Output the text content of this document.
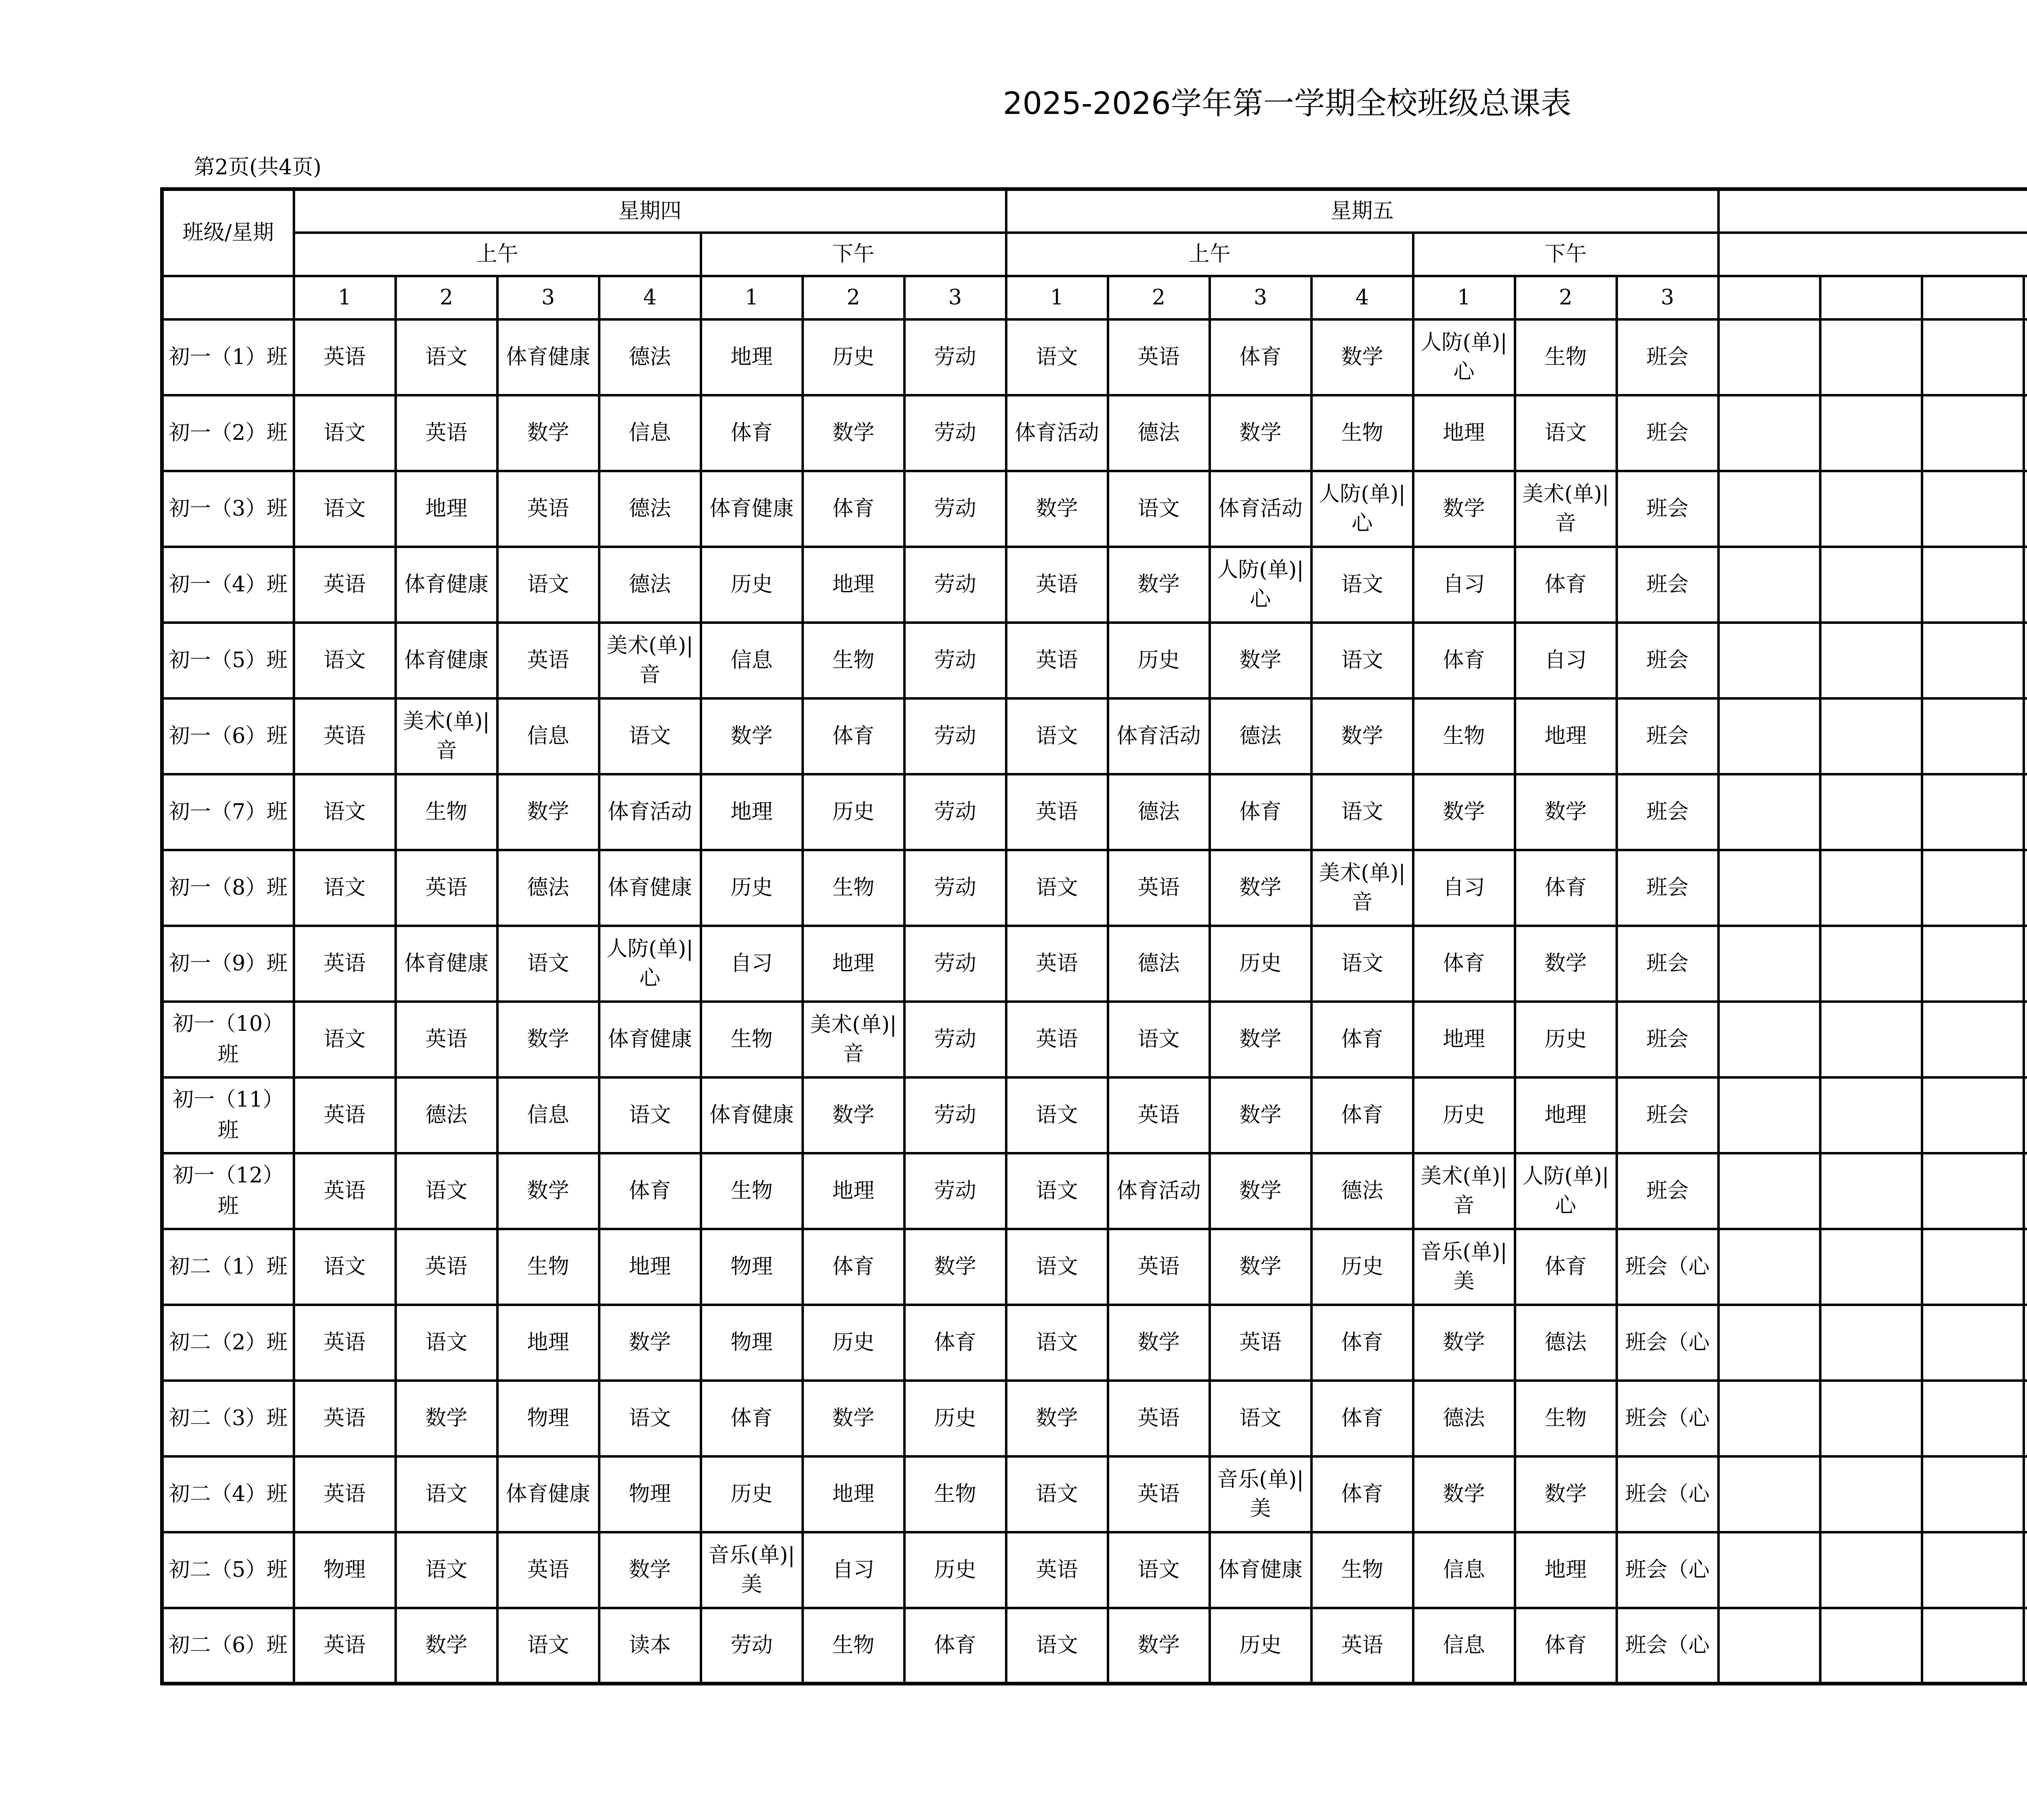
2025-2026学年第一学期全校班级总课表
第2页(共4页)
班级/星期	星期四							星期五													
	上午				下午			上午				下午									
	1	2	3	4	1	2	3	1	2	3	4	1	2	3							
初一（1）班	英语	语文	体育健康	德法	地理	历史	劳动	语文	英语	体育	数学	人防(单)|心	生物	班会							

初一（2）班	语文	英语	数学	信息	体育	数学	劳动	体育活动	德法	数学	生物	地理	语文	班会							

初一（3）班	语文	地理	英语	德法	体育健康	体育	劳动	数学	语文	体育活动	人防(单)|心	数学	美术(单)|音	班会							

初一（4）班	英语	体育健康	语文	德法	历史	地理	劳动	英语	数学	人防(单)|心	语文	自习	体育	班会							

初一（5）班	语文	体育健康	英语	美术(单)|音	信息	生物	劳动	英语	历史	数学	语文	体育	自习	班会							

初一（6）班	英语	美术(单)|音	信息	语文	数学	体育	劳动	语文	体育活动	德法	数学	生物	地理	班会							

初一（7）班	语文	生物	数学	体育活动	地理	历史	劳动	英语	德法	体育	语文	数学	数学	班会							

初一（8）班	语文	英语	德法	体育健康	历史	生物	劳动	语文	英语	数学	美术(单)|音	自习	体育	班会							

初一（9）班	英语	体育健康	语文	人防(单)|心	自习	地理	劳动	英语	德法	历史	语文	体育	数学	班会							

初一（10）班	语文	英语	数学	体育健康	生物	美术(单)|音	劳动	英语	语文	数学	体育	地理	历史	班会							

初一（11）班	英语	德法	信息	语文	体育健康	数学	劳动	语文	英语	数学	体育	历史	地理	班会							

初一（12）班	英语	语文	数学	体育	生物	地理	劳动	语文	体育活动	数学	德法	美术(单)|音	人防(单)|心	班会							

初二（1）班	语文	英语	生物	地理	物理	体育	数学	语文	英语	数学	历史	音乐(单)|美	体育	班会（心							

初二（2）班	英语	语文	地理	数学	物理	历史	体育	语文	数学	英语	体育	数学	德法	班会（心							

初二（3）班	英语	数学	物理	语文	体育	数学	历史	数学	英语	语文	体育	德法	生物	班会（心							

初二（4）班	英语	语文	体育健康	物理	历史	地理	生物	语文	英语	音乐(单)|美	体育	数学	数学	班会（心							

初二（5）班	物理	语文	英语	数学	音乐(单)|美	自习	历史	英语	语文	体育健康	生物	信息	地理	班会（心							

初二（6）班	英语	数学	语文	读本	劳动	生物	体育	语文	数学	历史	英语	信息	体育	班会（心							
